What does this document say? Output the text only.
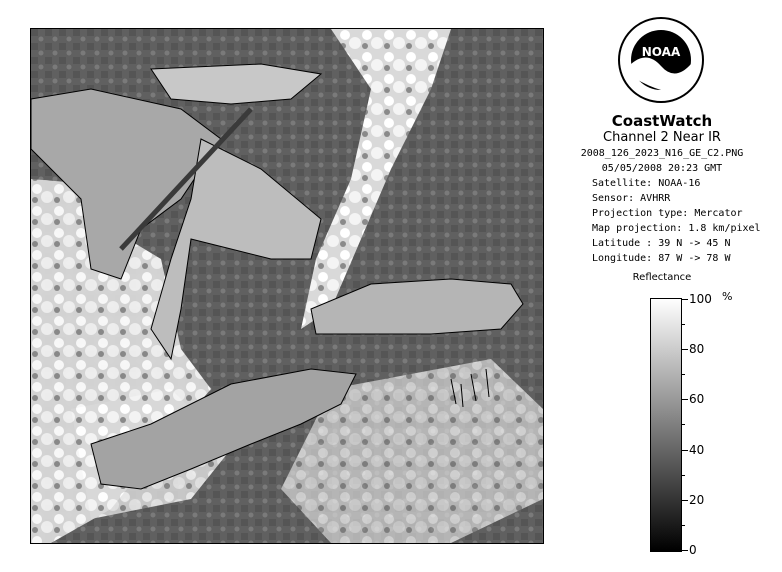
NOAA
CoastWatch
Channel 2 Near IR
2008_126_2023_N16_GE_C2.PNG
05/05/2008 20:23 GMT
Satellite: NOAA-16
Sensor: AVHRR
Projection type: Mercator
Map projection: 1.8 km/pixel
Latitude : 39 N -> 45 N
Longitude: 87 W -> 78 W
Reflectance
%
100
80
60
40
20
0
